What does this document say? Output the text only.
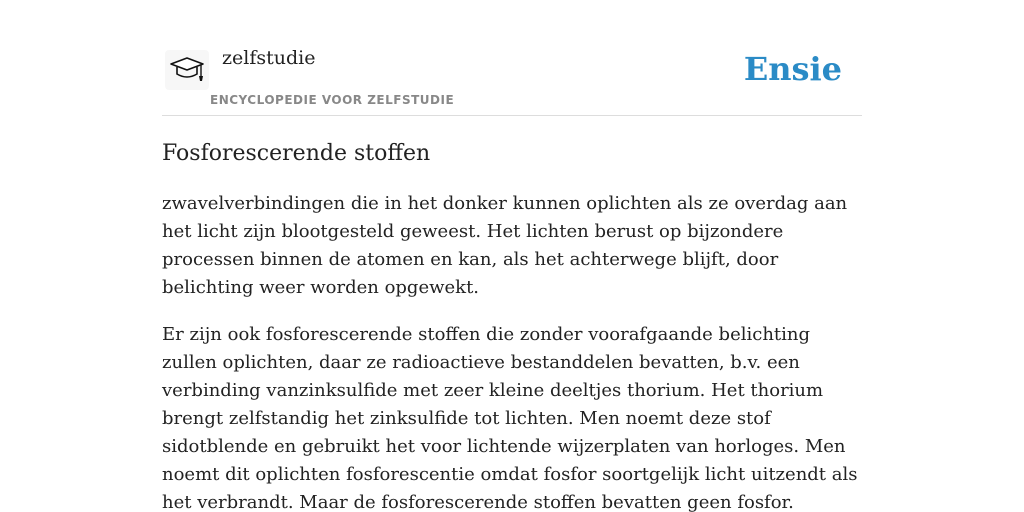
zelfstudie
ENCYCLOPEDIE VOOR ZELFSTUDIE
Ensie
Fosforescerende stoffen

zwavelverbindingen die in het donker kunnen oplichten als ze overdag aan het licht zijn blootgesteld geweest. Het lichten berust op bijzondere processen binnen de atomen en kan, als het achterwege blijft, door belichting weer worden opgewekt.

Er zijn ook fosforescerende stoffen die zonder voorafgaande belichting zullen oplichten, daar ze radioactieve bestanddelen bevatten, b.v. een verbinding vanzinksulfide met zeer kleine deeltjes thorium. Het thorium brengt zelfstandig het zinksulfide tot lichten. Men noemt deze stof sidotblende en gebruikt het voor lichtende wijzerplaten van horloges. Men noemt dit oplichten fosforescentie omdat fosfor soortgelijk licht uitzendt als het verbrandt. Maar de fosforescerende stoffen bevatten geen fosfor.
